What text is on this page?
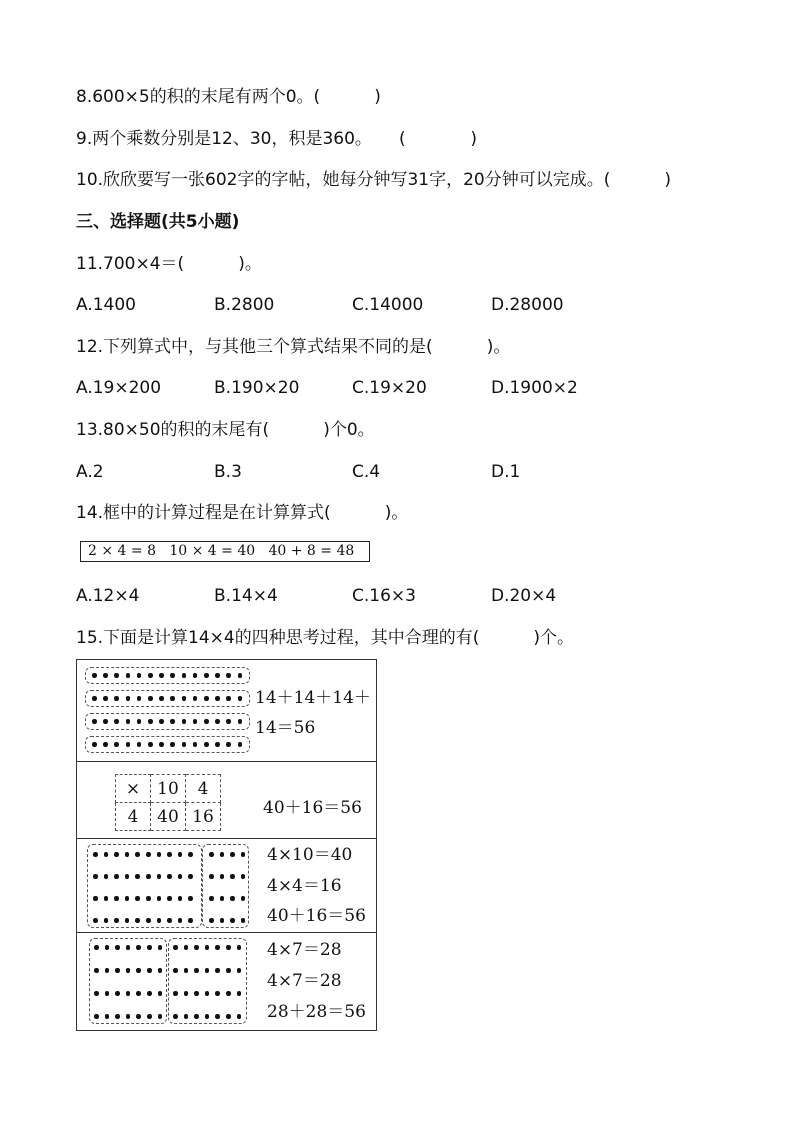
8.600×5的积的末尾有两个0。(          )
9.两个乘数分别是12、30，积是360。     (            )
10.欣欣要写一张602字的字帖，她每分钟写31字，20分钟可以完成。(          )
三、选择题(共5小题)
11.700×4＝(          )。
A.1400	B.2800	C.14000	D.28000
12.下列算式中，与其他三个算式结果不同的是(          )。
A.19×200	B.190×20	C.19×20	D.1900×2
13.80×50的积的末尾有(          )个0。
A.2	B.3	C.4	D.1
14.框中的计算过程是在计算算式(          )。
2 × 4 = 8   10 × 4 = 40   40 + 8 = 48
A.12×4	B.14×4	C.16×3	D.20×4
15.下面是计算14×4的四种思考过程，其中合理的有(          )个。
14＋14＋14＋
14＝56
×	10	4
4	40	16	40＋16＝56
4×10＝40
4×4＝16
40＋16＝56
4×7＝28
4×7＝28
28＋28＝56
